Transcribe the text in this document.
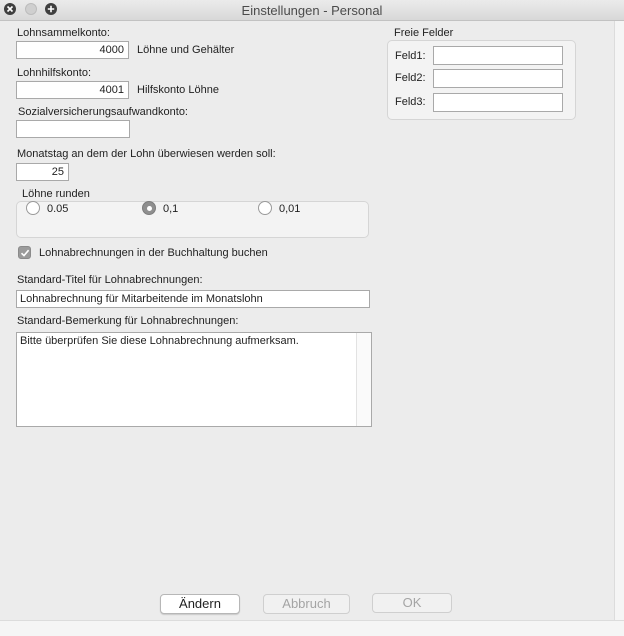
Einstellungen - Personal
Lohnsammelkonto:
4000	Löhne und Gehälter
Lohnhilfskonto:
4001	Hilfskonto Löhne
Sozialversicherungsaufwandkonto:
Monatstag an dem der Lohn überwiesen werden soll:
25
Löhne runden
0.05	0,1	0,01
Lohnabrechnungen in der Buchhaltung buchen
Standard-Titel für Lohnabrechnungen:
Lohnabrechnung für Mitarbeitende im Monatslohn
Standard-Bemerkung für Lohnabrechnungen:
Bitte überprüfen Sie diese Lohnabrechnung aufmerksam.
Freie Felder
Feld1:
Feld2:
Feld3:
Ändern	Abbruch	OK
